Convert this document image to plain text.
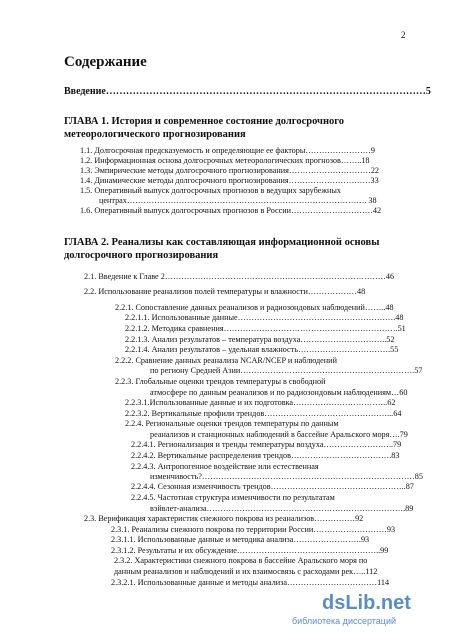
2
Содержание
Введение……………………………………………………………………………………5
ГЛАВА 1. История и современное состояние долгосрочного
метеорологического прогнозирования
1.1. Долгосрочная предсказуемость и определяющие ее факторы……………………9
1.2. Информационная основа долгосрочных метеорологических прогнозов……..18
1.3. Эмпирические методы долгосрочного прогнозирования…………………………22
1.4. Динамические методы долгосрочного прогнозирования…………………………33
1.5. Оперативный выпуск долгосрочных прогнозов в ведущих зарубежных
центрах……………………………………………………………………………. 38
1.6. Оперативный выпуск долгосрочных прогнозов в России…………………………42
ГЛАВА 2. Реанализы как составляющая информационной основы
долгосрочного прогнозирования
2.1. Введение к Главе 2………………………………………………………………………46
2.2. Использование реанализов полей температуры и влажности………………48
2.2.1. Сопоставление данных реанализов и радиозондовых наблюдений……..48
2.2.1.1. Использованные данные………………………………………………….48
2.2.1.2. Методика сравнения……………………………………………………….51
2.2.1.3. Анализ результатов – температура воздуха…………………………..52
2.2.1.4. Анализ результатов – удельная влажность…………………………….55
2.2.2. Сравнение данных реанализа NCAR/NCEP и наблюдений
по региону Средней Азии……………………………………………………….57
2.2.3. Глобальные оценки трендов температуры в свободной
атмосфере по данным реанализов и по радиозондовым наблюдениям…60
2.2.3.1.Использованные данные и их подготовка……………………………..62
2.2.3.2. Вертикальные профили трендов………………………………………...64
2.2.4. Региональные оценки трендов температуры по данным
реанализов и станционных наблюдений в бассейне Аральского моря….79
2.2.4.1. Регионализация и тренды температуры воздуха……………………..79
2.2.4.2. Вертикальные распределения трендов……………………………….83
2.2.4.3. Антропогенное воздействие или естественная
изменчивость?……………………………………………………………………85
2.2.4.4. Сезонная изменчивость трендов…………………………………………..87
2.2.4.5. Частотная структура изменчивости по результатам
вэйвлет-анализа……………………………………………………………….89
2.3. Верификация характеристик снежного покрова из реанализов……………92
2.3.1. Реанализы снежного покрова по территории России………………………93
2.3.1.1. Использованные данные и методика анализа…………………….93
2.3.1.2. Результаты и их обсуждение……………………………………………..99
2.3.2. Характеристики снежного покрова в бассейне Аральского моря по
данным реанализов и наблюдений и их взаимосвязь с расходами рек…..112
2.3.2.1. Использованные данные и методы анализа……………………………114
dsLib.net
библиотека диссертаций
